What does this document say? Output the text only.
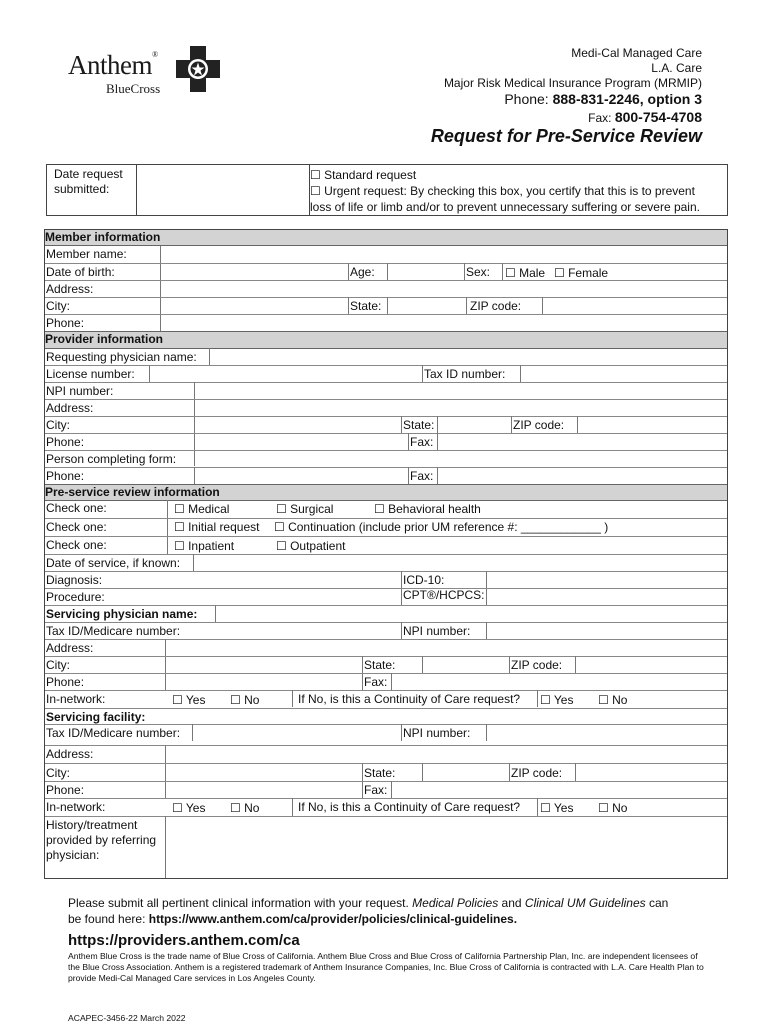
Anthem®
BlueCross
Medi-Cal Managed Care
L.A. Care
Major Risk Medical Insurance Program (MRMIP)
Phone: 888-831-2246, option 3
Fax: 800-754-4708
Request for Pre-Service Review
Date request
submitted:
☐ Standard request
☐ Urgent request: By checking this box, you certify that this is to prevent
loss of life or limb and/or to prevent unnecessary suffering or severe pain.
Member information
Member name:
Date of birth:	Age:	Sex: ☐ Male ☐ Female
Address:
City:	State:	ZIP code:
Phone:
Provider information
Requesting physician name:
License number:	Tax ID number:
NPI number:
Address:
City:	State:	ZIP code:
Phone:	Fax:
Person completing form:
Phone:	Fax:
Pre-service review information
Check one:	☐ Medical	☐ Surgical	☐ Behavioral health
Check one:	☐ Initial request ☐ Continuation (include prior UM reference #: ____________ )
Check one:	☐ Inpatient	☐ Outpatient
Date of service, if known:
Diagnosis:	ICD-10:
Procedure:	CPT®/HCPCS:
Servicing physician name:
Tax ID/Medicare number:	NPI number:
Address:
City:	State:	ZIP code:
Phone:	Fax:
In-network:	☐ Yes ☐ No	If No, is this a Continuity of Care request? ☐ Yes ☐ No
Servicing facility:
Tax ID/Medicare number:	NPI number:
Address:
City:	State:	ZIP code:
Phone:	Fax:
In-network:	☐ Yes ☐ No	If No, is this a Continuity of Care request? ☐ Yes ☐ No
History/treatment
provided by referring
physician:
Please submit all pertinent clinical information with your request. Medical Policies and Clinical UM Guidelines can
be found here: https://www.anthem.com/ca/provider/policies/clinical-guidelines.
https://providers.anthem.com/ca
Anthem Blue Cross is the trade name of Blue Cross of California. Anthem Blue Cross and Blue Cross of California Partnership Plan, Inc. are independent licensees of the Blue Cross Association. Anthem is a registered trademark of Anthem Insurance Companies, Inc. Blue Cross of California is contracted with L.A. Care Health Plan to provide Medi-Cal Managed Care services in Los Angeles County.
ACAPEC-3456-22 March 2022
